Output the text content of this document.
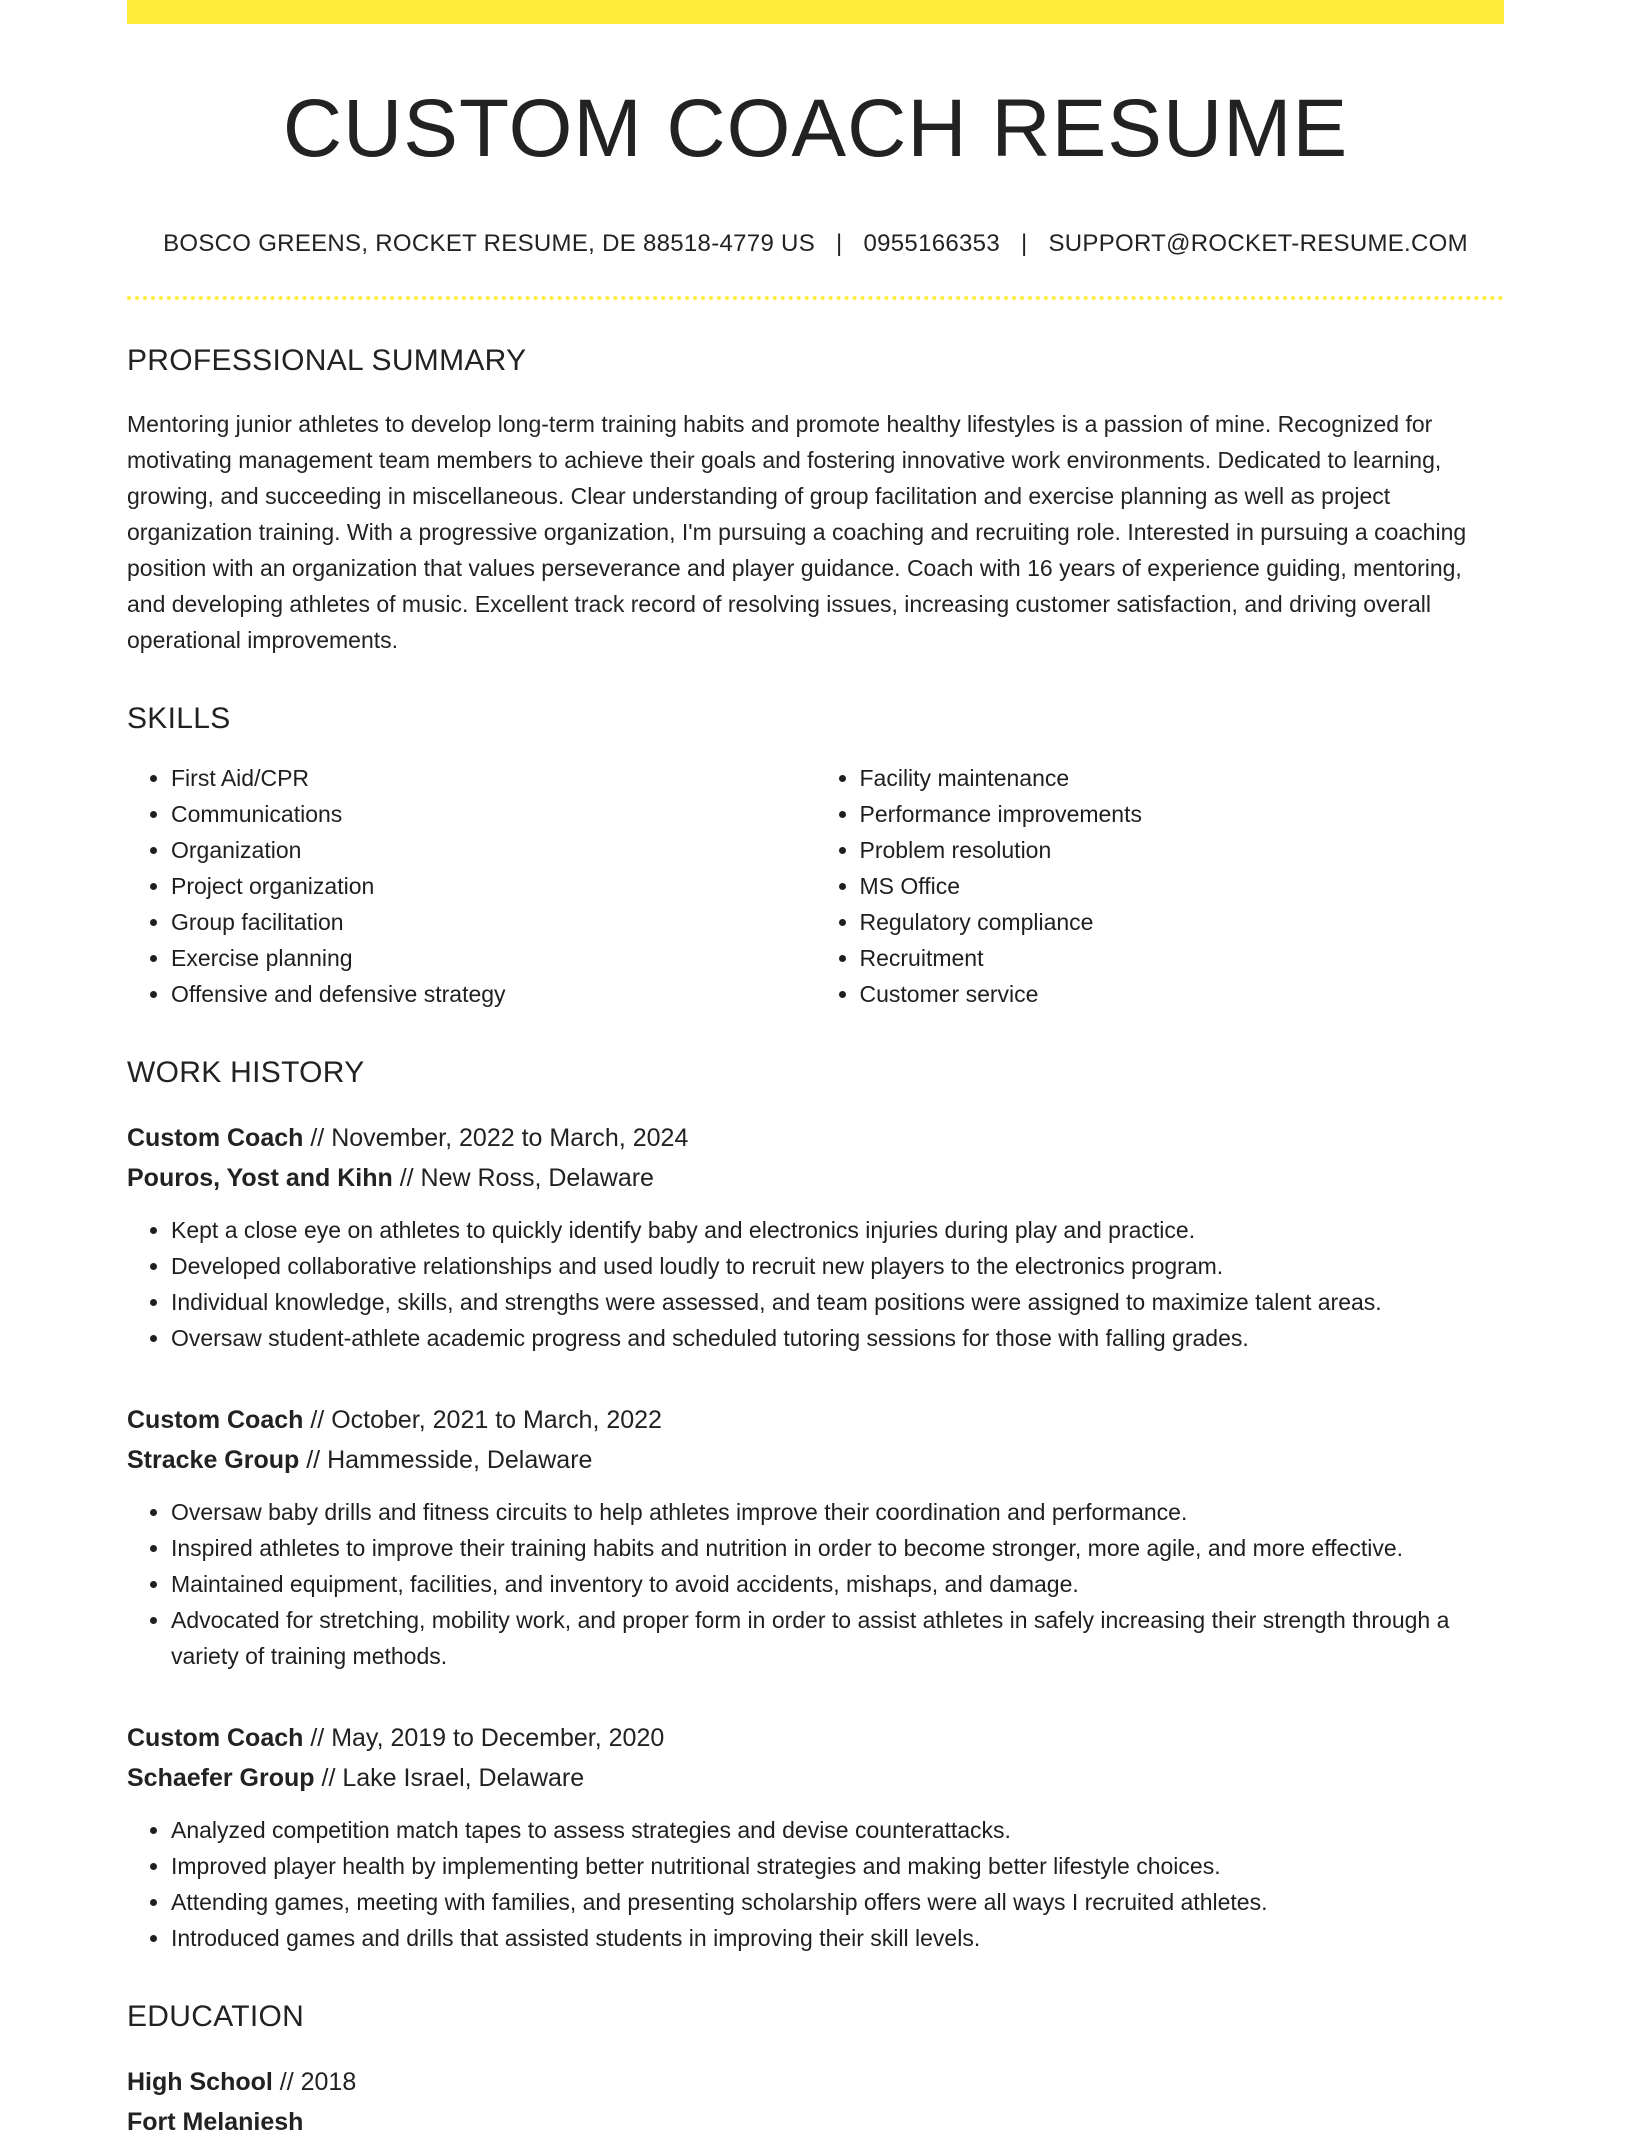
CUSTOM COACH RESUME
BOSCO GREENS, ROCKET RESUME, DE 88518-4779 US | 0955166353 | SUPPORT@ROCKET-RESUME.COM
PROFESSIONAL SUMMARY

Mentoring junior athletes to develop long-term training habits and promote healthy lifestyles is a passion of mine. Recognized for motivating management team members to achieve their goals and fostering innovative work environments. Dedicated to learning, growing, and succeeding in miscellaneous. Clear understanding of group facilitation and exercise planning as well as project organization training. With a progressive organization, I'm pursuing a coaching and recruiting role. Interested in pursuing a coaching position with an organization that values perseverance and player guidance. Coach with 16 years of experience guiding, mentoring, and developing athletes of music. Excellent track record of resolving issues, increasing customer satisfaction, and driving overall operational improvements.

SKILLS
• First Aid/CPR
• Communications
• Organization
• Project organization
• Group facilitation
• Exercise planning
• Offensive and defensive strategy
• Facility maintenance
• Performance improvements
• Problem resolution
• MS Office
• Regulatory compliance
• Recruitment
• Customer service
WORK HISTORY
Custom Coach // November, 2022 to March, 2024
Pouros, Yost and Kihn // New Ross, Delaware
• Kept a close eye on athletes to quickly identify baby and electronics injuries during play and practice.
• Developed collaborative relationships and used loudly to recruit new players to the electronics program.
• Individual knowledge, skills, and strengths were assessed, and team positions were assigned to maximize talent areas.
• Oversaw student-athlete academic progress and scheduled tutoring sessions for those with falling grades.
Custom Coach // October, 2021 to March, 2022
Stracke Group // Hammesside, Delaware
• Oversaw baby drills and fitness circuits to help athletes improve their coordination and performance.
• Inspired athletes to improve their training habits and nutrition in order to become stronger, more agile, and more effective.
• Maintained equipment, facilities, and inventory to avoid accidents, mishaps, and damage.
• Advocated for stretching, mobility work, and proper form in order to assist athletes in safely increasing their strength through a variety of training methods.
Custom Coach // May, 2019 to December, 2020
Schaefer Group // Lake Israel, Delaware
• Analyzed competition match tapes to assess strategies and devise counterattacks.
• Improved player health by implementing better nutritional strategies and making better lifestyle choices.
• Attending games, meeting with families, and presenting scholarship offers were all ways I recruited athletes.
• Introduced games and drills that assisted students in improving their skill levels.
EDUCATION
High School // 2018
Fort Melaniesh
